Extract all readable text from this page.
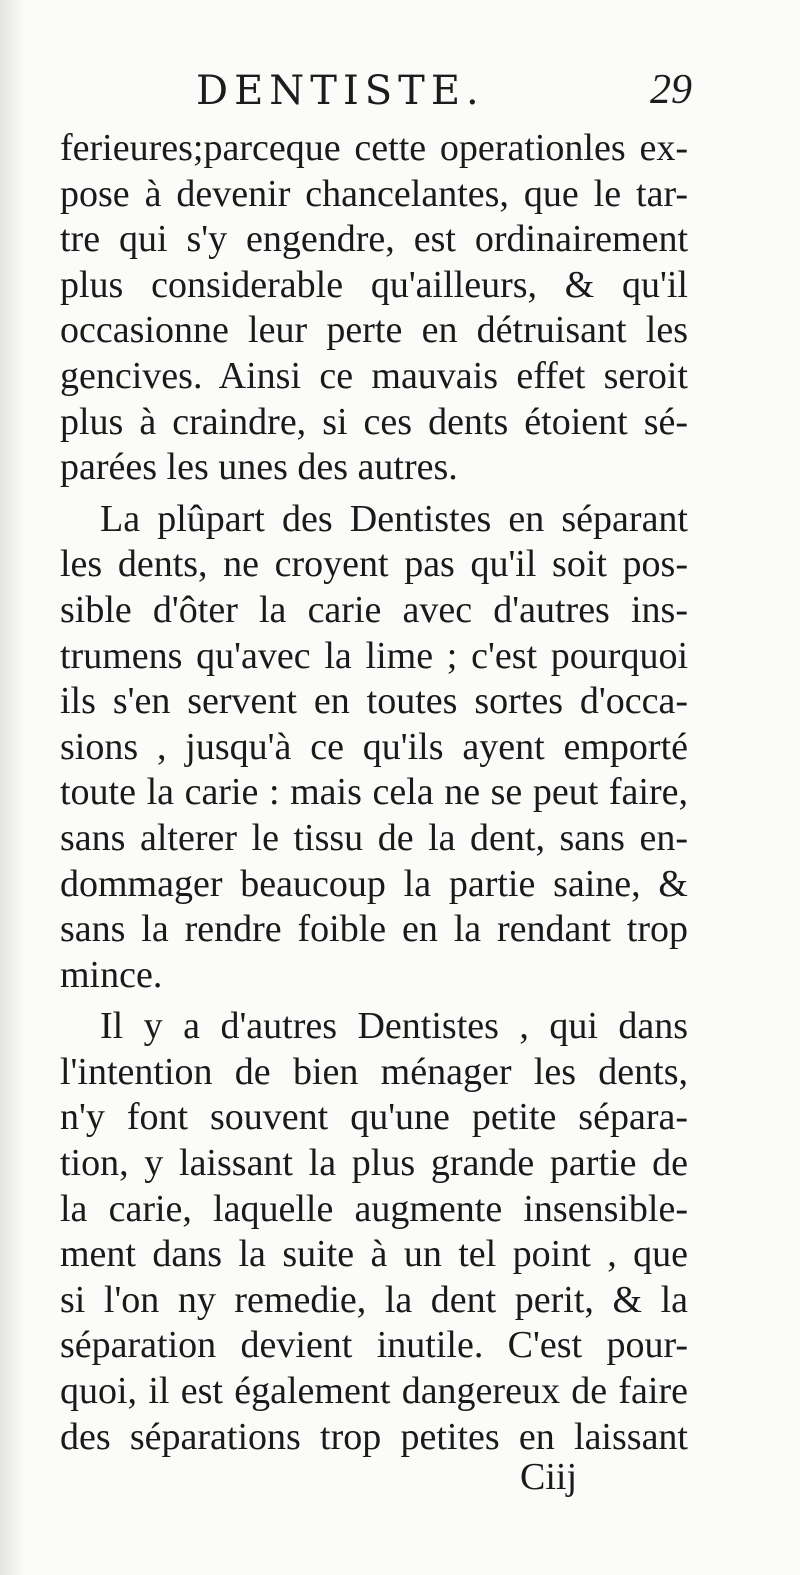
DENTISTE.	29
ferieures;parceque cette operationles ex-
pose à devenir chancelantes, que le tar-
tre qui s'y engendre, est ordinairement
plus considerable qu'ailleurs, & qu'il
occasionne leur perte en détruisant les
gencives. Ainsi ce mauvais effet seroit
plus à craindre, si ces dents étoient sé-
parées les unes des autres.
La plûpart des Dentistes en séparant
les dents, ne croyent pas qu'il soit pos-
sible d'ôter la carie avec d'autres ins-
trumens qu'avec la lime ; c'est pourquoi
ils s'en servent en toutes sortes d'occa-
sions , jusqu'à ce qu'ils ayent emporté
toute la carie : mais cela ne se peut faire,
sans alterer le tissu de la dent, sans en-
dommager beaucoup la partie saine, &
sans la rendre foible en la rendant trop
mince.
Il y a d'autres Dentistes , qui dans
l'intention de bien ménager les dents,
n'y font souvent qu'une petite sépara-
tion, y laissant la plus grande partie de
la carie, laquelle augmente insensible-
ment dans la suite à un tel point , que
si l'on ny remedie, la dent perit, & la
séparation devient inutile. C'est pour-
quoi, il est également dangereux de faire
des séparations trop petites en laissant
Ciij
